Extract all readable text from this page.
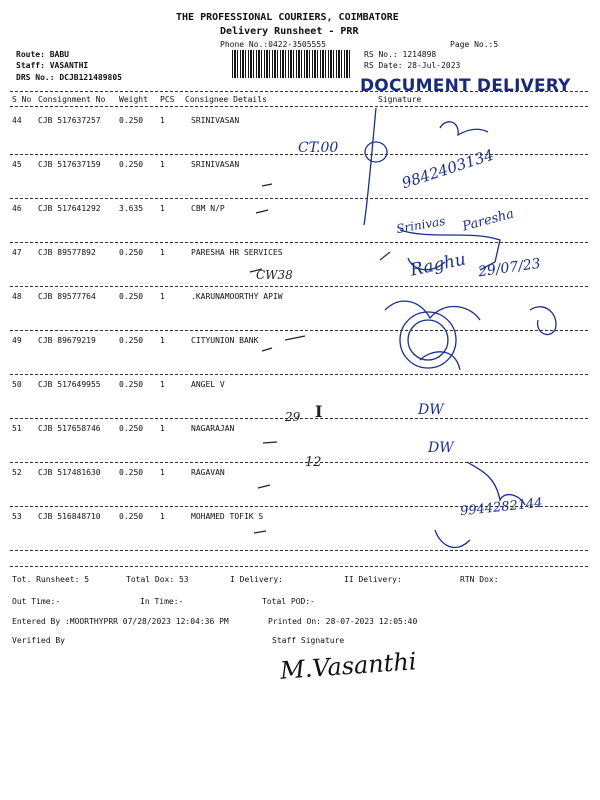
THE PROFESSIONAL COURIERS, COIMBATORE
Delivery Runsheet - PRR
Phone No.:0422-3505555	Page No.:5
Route: BABU
Staff: VASANTHI
DRS No.: DCJB121489805
RS No.: 1214898
RS Date: 28-Jul-2023
DOCUMENT DELIVERY
S No Consignment No Weight PCS Consignee Details	Signature
44 CJB 517637257 0.250 1	SRINIVASAN
45 CJB 517637159 0.250 1	SRINIVASAN
46 CJB 517641292 3.635 1	CBM N/P
47 CJB 89577892	0.250 1	PARESHA HR SERVICES
48 CJB 89577764	0.250 1	.KARUNAMOORTHY APIW
49 CJB 89679219	0.250 1	CITYUNION BANK
50 CJB 517649955 0.250 1	ANGEL V
51 CJB 517658746 0.250 1	NAGARAJAN
52 CJB 517481630 0.250 1	RAGAVAN
53 CJB 516848710 0.250 1	MOHAMED TOFIK S
CT.00	9842403134
Srinivas Paresha
CW38	Raghu 29/07/23
29 I
12
DW
9944282144
DW
Tot. Runsheet: 5	Total Dox: 53	I Delivery:	II Delivery:	RTN Dox:
Out Time:-	In Time:-	Total POD:-
Entered By :MOORTHYPRR 07/28/2023 12:04:36 PM	Printed On: 28-07-2023 12:05:40
Verified By	Staff Signature
M.Vasanthi
